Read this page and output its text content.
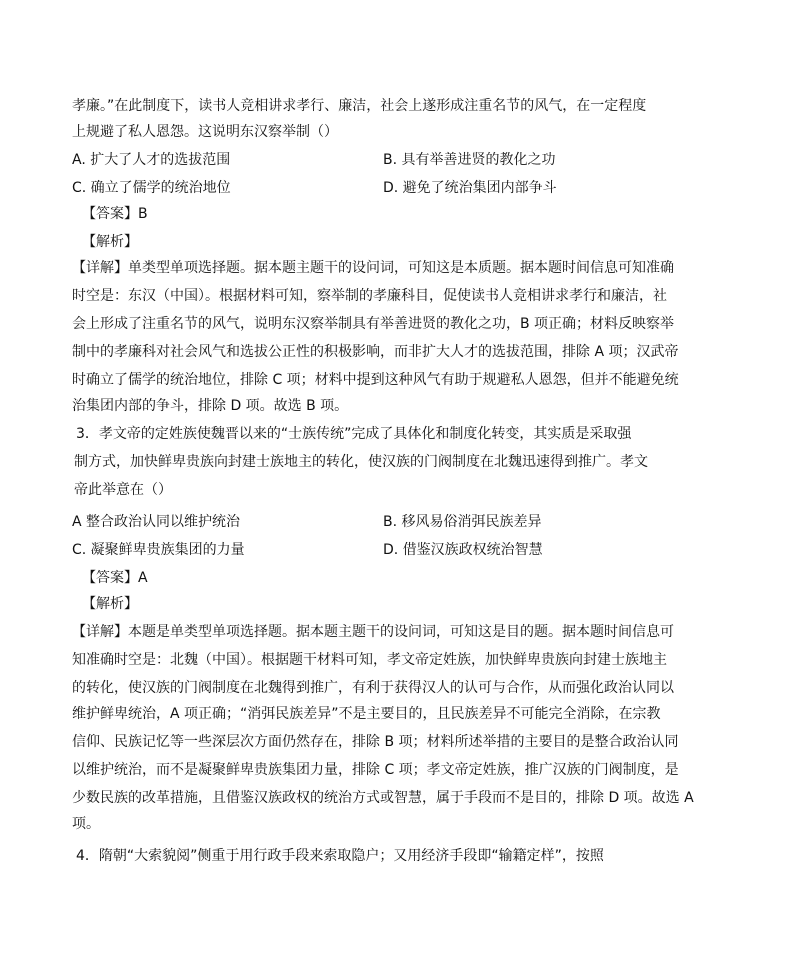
孝廉。”在此制度下，读书人竞相讲求孝行、廉洁，社会上遂形成注重名节的风气，在一定程度
上规避了私人恩怨。这说明东汉察举制（）
A. 扩大了人才的选拔范围	B. 具有举善进贤的教化之功
C. 确立了儒学的统治地位	D. 避免了统治集团内部争斗
【答案】B
【解析】
【详解】单类型单项选择题。据本题主题干的设问词，可知这是本质题。据本题时间信息可知准确
时空是：东汉（中国）。根据材料可知，察举制的孝廉科目，促使读书人竞相讲求孝行和廉洁，社
会上形成了注重名节的风气，说明东汉察举制具有举善进贤的教化之功，B 项正确；材料反映察举
制中的孝廉科对社会风气和选拔公正性的积极影响，而非扩大人才的选拔范围，排除 A 项；汉武帝
时确立了儒学的统治地位，排除 C 项；材料中提到这种风气有助于规避私人恩怨，但并不能避免统
治集团内部的争斗，排除 D 项。故选 B 项。
3．孝文帝的定姓族使魏晋以来的“士族传统”完成了具体化和制度化转变，其实质是采取强
制方式，加快鲜卑贵族向封建士族地主的转化，使汉族的门阀制度在北魏迅速得到推广。孝文
帝此举意在（）
A 整合政治认同以维护统治	B. 移风易俗消弭民族差异
C. 凝聚鲜卑贵族集团的力量	D. 借鉴汉族政权统治智慧
【答案】A
【解析】
【详解】本题是单类型单项选择题。据本题主题干的设问词，可知这是目的题。据本题时间信息可
知准确时空是：北魏（中国）。根据题干材料可知，孝文帝定姓族，加快鲜卑贵族向封建士族地主
的转化，使汉族的门阀制度在北魏得到推广，有利于获得汉人的认可与合作，从而强化政治认同以
维护鲜卑统治，A 项正确；“消弭民族差异”不是主要目的，且民族差异不可能完全消除，在宗教
信仰、民族记忆等一些深层次方面仍然存在，排除 B 项；材料所述举措的主要目的是整合政治认同
以维护统治，而不是凝聚鲜卑贵族集团力量，排除 C 项；孝文帝定姓族，推广汉族的门阀制度，是
少数民族的改革措施，且借鉴汉族政权的统治方式或智慧，属于手段而不是目的，排除 D 项。故选 A
项。
4．隋朝“大索貌阅”侧重于用行政手段来索取隐户；又用经济手段即“输籍定样”，按照
